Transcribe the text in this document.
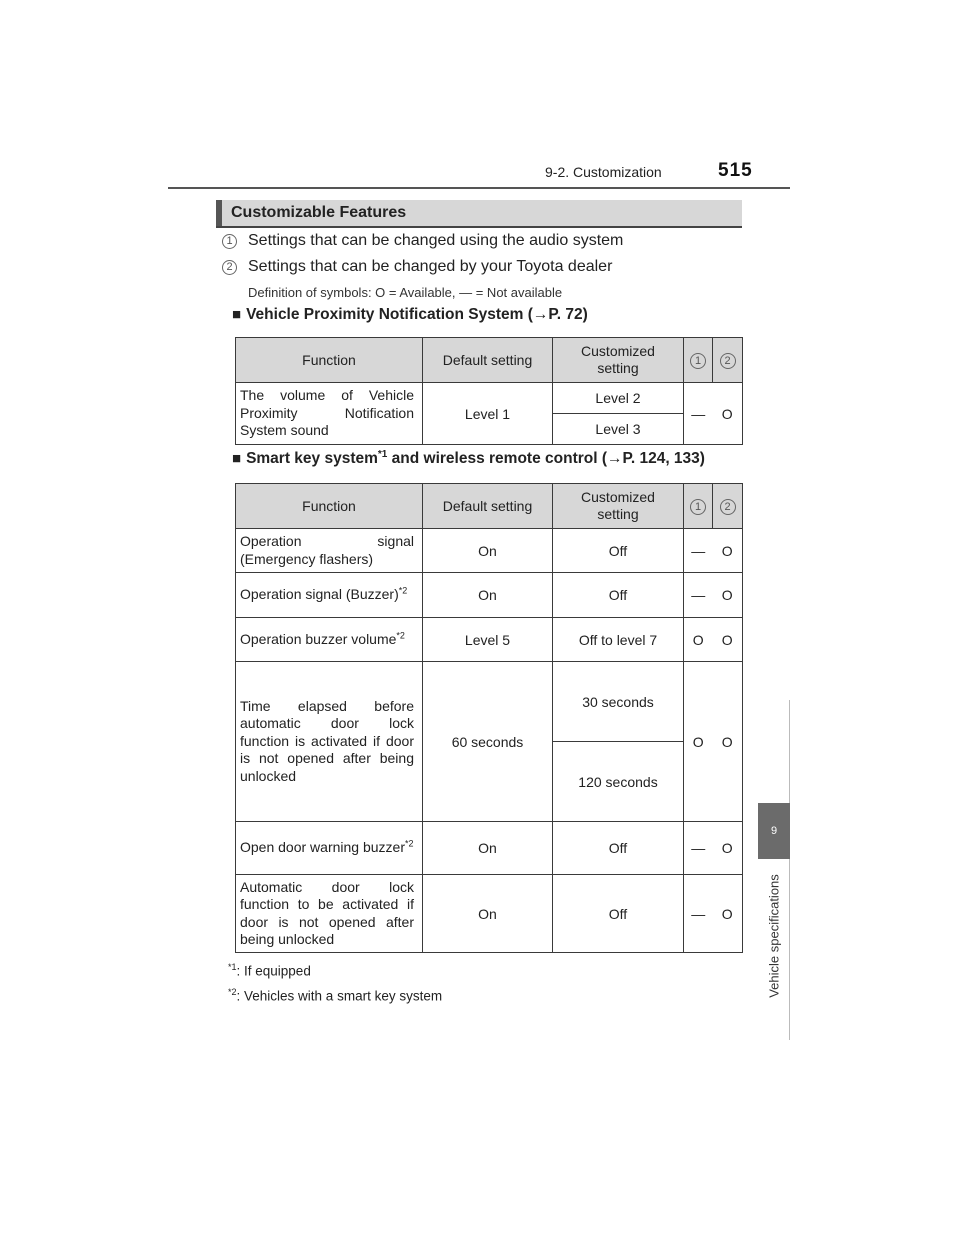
9-2. Customization	515
9
Vehicle specifications
Customizable Features
1 Settings that can be changed using the audio system
2 Settings that can be changed by your Toyota dealer
Definition of symbols: O = Available, — = Not available
■ Vehicle Proximity Notification System (→P. 72)
Function	Default setting	Customized setting	1	2

The volume of Vehicle Proximity Notification System sound	Level 1	Level 2	—	O
		Level 3		
■ Smart key system$^{*1}$ and wireless remote control (→P. 124, 133)
Function	Default setting	Customized setting	1	2

Operation signal (Emergency flashers)	On	Off	—	O
Operation signal (Buzzer)$^{*2}$	On	Off	—	O
Operation buzzer volume$^{*2}$	Level 5	Off to level 7	O	O
Time elapsed before automatic door lock function is activated if door is not opened after being unlocked	60 seconds	30 seconds	O	O
		120 seconds		
Open door warning buzzer$^{*2}$	On	Off	—	O
Automatic door lock function to be activated if door is not opened after being unlocked	On	Off	—	O
$^{*1}$: If equipped
$^{*2}$: Vehicles with a smart key system
